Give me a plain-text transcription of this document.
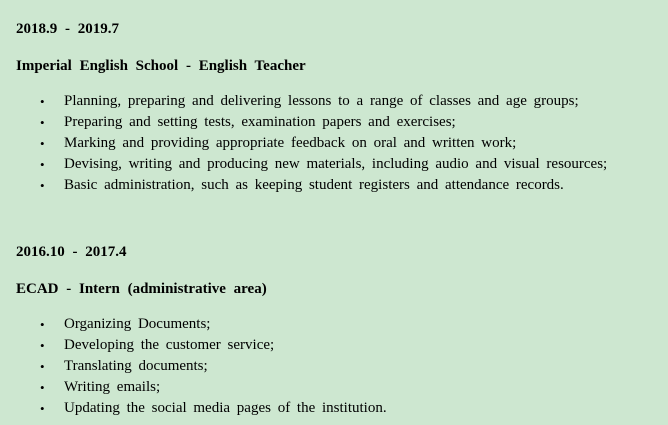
2018.9 - 2019.7
Imperial English School - English Teacher
• Planning, preparing and delivering lessons to a range of classes and age groups;
• Preparing and setting tests, examination papers and exercises;
• Marking and providing appropriate feedback on oral and written work;
• Devising, writing and producing new materials, including audio and visual resources;
• Basic administration, such as keeping student registers and attendance records.
2016.10 - 2017.4
ECAD - Intern (administrative area)
• Organizing Documents;
• Developing the customer service;
• Translating documents;
• Writing emails;
• Updating the social media pages of the institution.
